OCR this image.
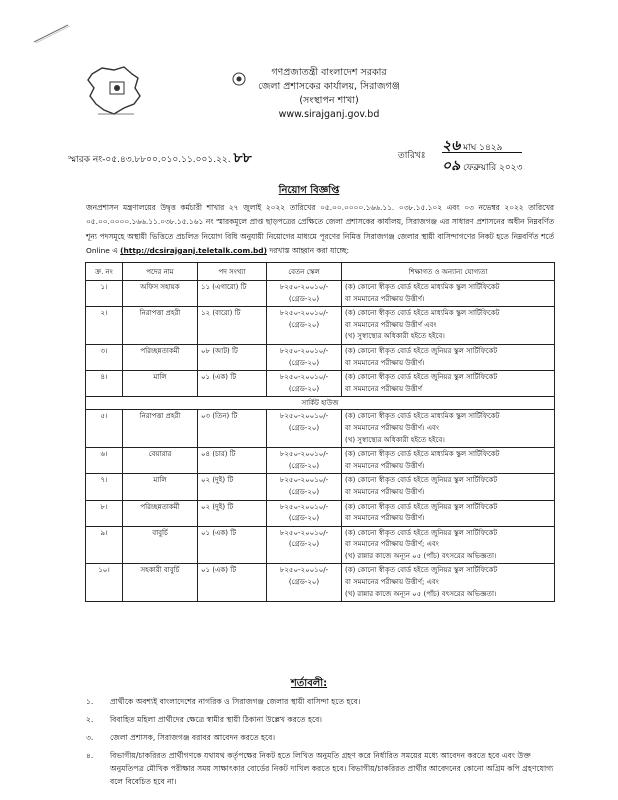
গণপ্রজাতন্ত্রী বাংলাদেশ সরকার
জেলা প্রশাসকের কার্যালয়, সিরাজগঞ্জ
(সংস্থাপন শাখা)
www.sirajganj.gov.bd
স্মারক নং-০৫.৪৩.৮৮০০.০১০.১১.০০১.২২. ৮৮	তারিখঃ
২৬ মাঘ ১৪২৯
০৯ ফেব্রুয়ারি ২০২৩
নিয়োগ বিজ্ঞপ্তি
জনপ্রশাসন মন্ত্রণালয়ের উদ্বৃত্ত কর্মচারী শাখার ২৭ জুলাই ২০২২ তারিখের ০৫.০০.০০০০.১৬৬.১১. ০৩৮.১৫.১০২ এবং ০৩ নভেম্বর ২০২২ তারিখের ০৫.০০.০০০০.১৬৬.১১.০৩৮.১৫.১৬১ নং স্মারকমূলে প্রাপ্ত ছাড়পত্রের প্রেক্ষিতে জেলা প্রশাসকের কার্যালয়, সিরাজগঞ্জ এর সাধারণ প্রশাসনের অধীন নিম্নবর্ণিত শূন্য পদসমূহে অস্থায়ী ভিত্তিতে প্রচলিত নিয়োগ বিধি অনুযায়ী নিয়োগের মাধ্যমে পূরণের নিমিত্ত সিরাজগঞ্জ জেলার স্থায়ী বাসিন্দাগণের নিকট হতে নিম্নবর্ণিত শর্তে Online এ (http://dcsirajganj.teletalk.com.bd) দরখাস্ত আহ্বান করা যাচ্ছে:
ক্র. নং	পদের নাম	পদ সংখ্যা	বেতন স্কেল	শিক্ষাগত ও অন্যান্য যোগ্যতা

১।	অফিস সহায়ক	১১ (এগারো) টি	৮২৫০-২০০১০/-
(গ্রেড-২০)	(ক) কোনো স্বীকৃত বোর্ড হইতে মাধ্যমিক স্কুল সার্টিফিকেট
বা সমমানের পরীক্ষায় উত্তীর্ণ।

২।	নিরাপত্তা প্রহরী	১২ (বারো) টি	৮২৫০-২০০১০/-
(গ্রেড-২০)	(ক) কোনো স্বীকৃত বোর্ড হইতে মাধ্যমিক স্কুল সার্টিফিকেট
বা সমমানের পরীক্ষায় উত্তীর্ণ এবং
(খ) সুস্বাস্থ্যের অধিকারী হইতে হইবে।

৩।	পরিচ্ছন্নতাকর্মী	০৮ (আট) টি	৮২৫০-২০০১০/-
(গ্রেড-২০)	(ক) কোনো স্বীকৃত বোর্ড হইতে জুনিয়র স্কুল সার্টিফিকেট
বা সমমানের পরীক্ষায় উত্তীর্ণ।

৪।	মালি	০১ (এক) টি	৮২৫০-২০০১০/-
(গ্রেড-২০)	(ক) কোনো স্বীকৃত বোর্ড হইতে জুনিয়র স্কুল সার্টিফিকেট
বা সমমানের পরীক্ষায় উত্তীর্ণ

সার্কিট হাউজ				

৫।	নিরাপত্তা প্রহরী	০৩ (তিন) টি	৮২৫০-২০০১০/-
(গ্রেড-২০)	(ক) কোনো স্বীকৃত বোর্ড হইতে মাধ্যমিক স্কুল সার্টিফিকেট
বা সমমানের পরীক্ষায় উত্তীর্ণ। এবং
(খ) সুস্বাস্থ্যের অধিকারী হইতে হইবে।

৬।	বেয়ারার	০৪ (চার) টি	৮২৫০-২০০১০/-
(গ্রেড-২০)	(ক) কোনো স্বীকৃত বোর্ড হইতে মাধ্যমিক স্কুল সার্টিফিকেট
বা সমমানের পরীক্ষায় উত্তীর্ণ।

৭।	মালি	০২ (দুই) টি	৮২৫০-২০০১০/-
(গ্রেড-২০)	(ক) কোনো স্বীকৃত বোর্ড হইতে জুনিয়র স্কুল সার্টিফিকেট
বা সমমানের পরীক্ষায় উত্তীর্ণ।

৮।	পরিচ্ছন্নতাকর্মী	০২ (দুই) টি	৮২৫০-২০০১০/-
(গ্রেড-২০)	(ক) কোনো স্বীকৃত বোর্ড হইতে জুনিয়র স্কুল সার্টিফিকেট
বা সমমানের পরীক্ষায় উত্তীর্ণ।

৯।	বাবুর্চি	০১ (এক) টি	৮২৫০-২০০১০/-
(গ্রেড-২০)	(ক) কোনো স্বীকৃত বোর্ড হইতে জুনিয়র স্কুল সার্টিফিকেট
বা সমমানের পরীক্ষায় উত্তীর্ণ; এবং
(খ) রান্নার কাজে অন্যূন ০৫ (পাঁচ) বৎসরের অভিজ্ঞতা।

১০।	সহকারী বাবুর্চি	০১ (এক) টি	৮২৫০-২০০১০/-
(গ্রেড-২০)	(ক) কোনো স্বীকৃত বোর্ড হইতে জুনিয়র স্কুল সার্টিফিকেট
বা সমমানের পরীক্ষায় উত্তীর্ণ; এবং
(খ) রান্নার কাজে অন্যূন ০৫ (পাঁচ) বৎসরের অভিজ্ঞতা।
শর্তাবলী:
১. প্রার্থীকে অবশ্যই বাংলাদেশের নাগরিক ও সিরাজগঞ্জ জেলার স্থায়ী বাসিন্দা হতে হবে।
২. বিবাহিত মহিলা প্রার্থীদের ক্ষেত্রে স্বামীর স্থায়ী ঠিকানা উল্লেখ করতে হবে।
৩. জেলা প্রশাসক, সিরাজগঞ্জ বরাবর আবেদন করতে হবে।
৪. বিভাগীয়/চাকরিরত প্রার্থীগণকে যথাযথ কর্তৃপক্ষের নিকট হতে লিখিত অনুমতি গ্রহণ করে নির্ধারিত সময়ের মধ্যে আবেদন করতে হবে এবং উক্ত অনুমতিপত্র মৌখিক পরীক্ষার সময় সাক্ষাৎকার বোর্ডের নিকট দাখিল করতে হবে। বিভাগীয়/চাকরিরত প্রার্থীর আবেদনের কোনো অগ্রিম কপি গ্রহণযোগ্য বলে বিবেচিত হবে না।
